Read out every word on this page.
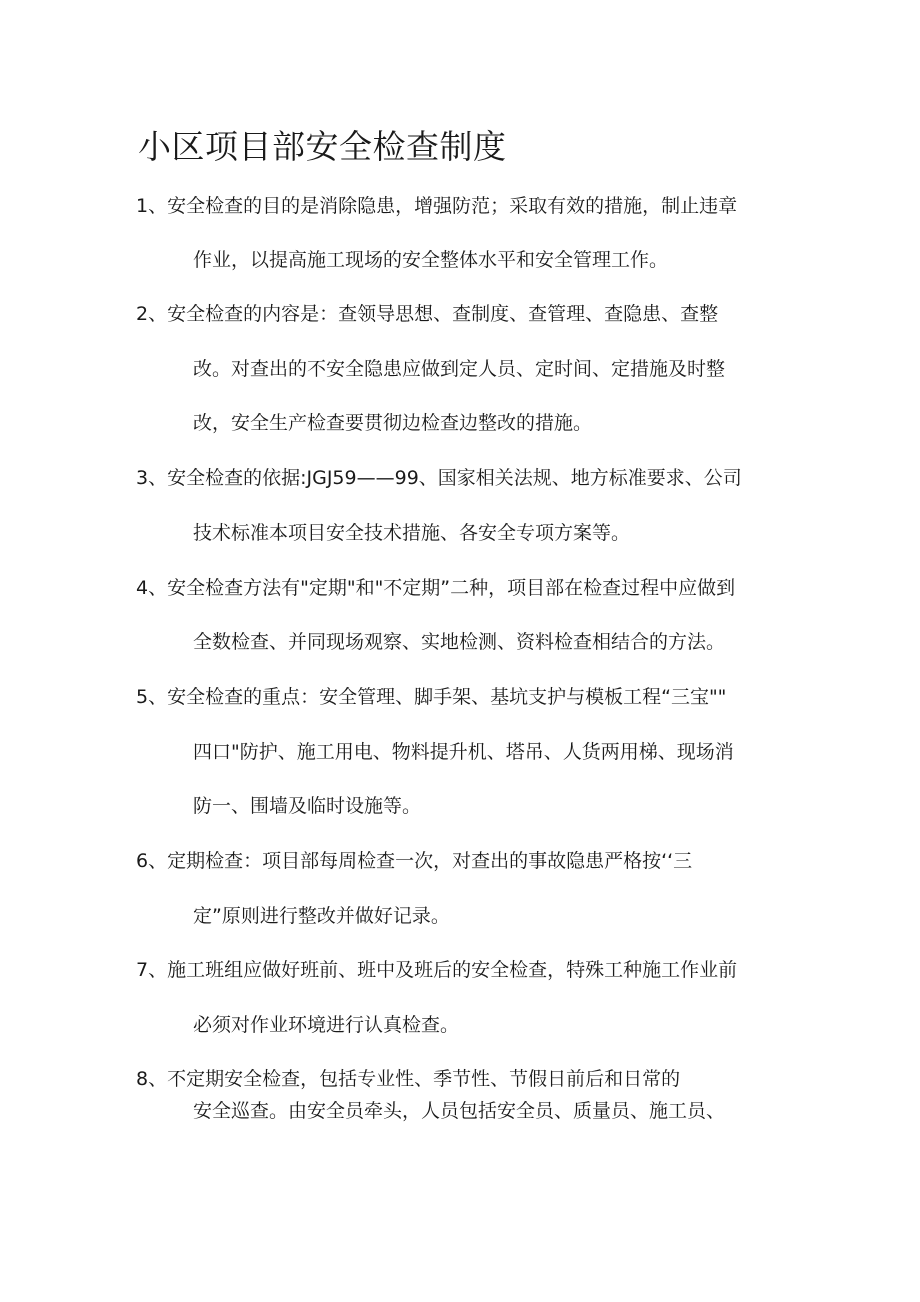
小区项目部安全检查制度
1、安全检查的目的是消除隐患，增强防范；采取有效的措施，制止违章
作业，以提高施工现场的安全整体水平和安全管理工作。
2、安全检查的内容是：查领导思想、查制度、查管理、查隐患、查整
改。对查出的不安全隐患应做到定人员、定时间、定措施及时整
改，安全生产检查要贯彻边检查边整改的措施。
3、安全检查的依据:JGJ59——99、国家相关法规、地方标准要求、公司
技术标准本项目安全技术措施、各安全专项方案等。
4、安全检查方法有"定期"和"不定期”二种，项目部在检查过程中应做到
全数检查、并同现场观察、实地检测、资料检查相结合的方法。
5、安全检查的重点：安全管理、脚手架、基坑支护与模板工程“三宝""
四口"防护、施工用电、物料提升机、塔吊、人货两用梯、现场消
防一、围墙及临时设施等。
6、定期检查：项目部每周检查一次，对查出的事故隐患严格按‘‘三
定”原则进行整改并做好记录。
7、施工班组应做好班前、班中及班后的安全检查，特殊工种施工作业前
必须对作业环境进行认真检查。
8、不定期安全检查，包括专业性、季节性、节假日前后和日常的
安全巡查。由安全员牵头，人员包括安全员、质量员、施工员、
